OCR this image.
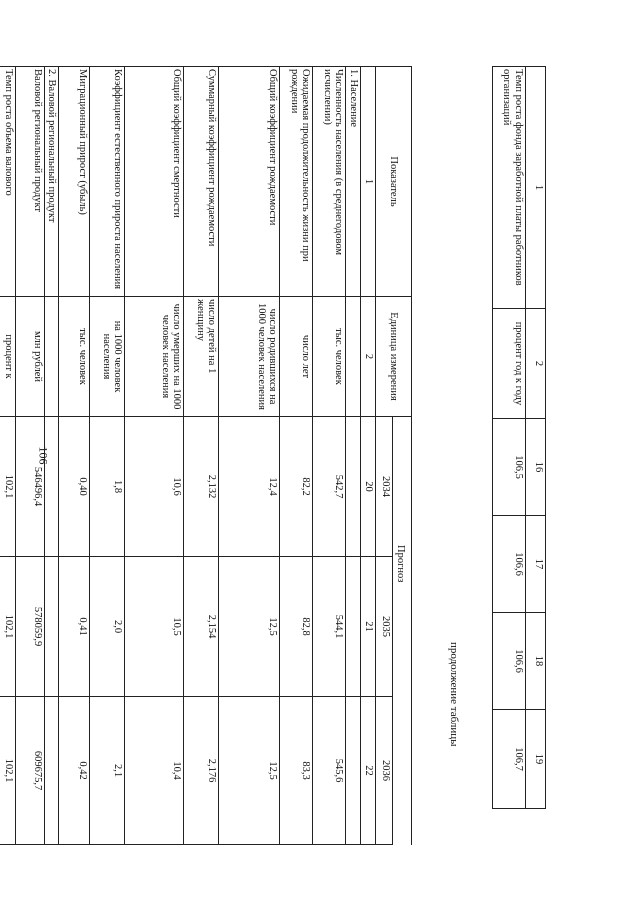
106
1	2	16	17	18	19
Темп роста фонда заработной платы работников организаций	процент год к году	106,5	106,6	106,6	106,7
продолжение таблицы
Показатель	Единица измерения	Прогноз		
		2034	2035	2036
1	2	20	21	22
1. Население				
Численность населения (в среднегодовом исчислении)	тыс. человек	542,7	544,1	545,6
Ожидаемая продолжительность жизни при рождении	число лет	82,2	82,8	83,3
Общий коэффициент рождаемости	число родившихся на 1000 человек населения	12,4	12,5	12,5
Суммарный коэффициент рождаемости	число детей на 1 женщину	2,132	2,154	2,176
Общий коэффициент смертности	число умерших на 1000 человек населения	10,6	10,5	10,4
Коэффициент естественного прироста населения	на 1000 человек населения	1,8	2,0	2,1
Миграционный прирост (убыль)	тыс. человек	0,40	0,41	0,42
2. Валовой региональный продукт				
Валовой региональный продукт	млн рублей	546496,4	578059,9	609675,7
Темп роста объема валового	процент к	102,1	102,1	102,1
